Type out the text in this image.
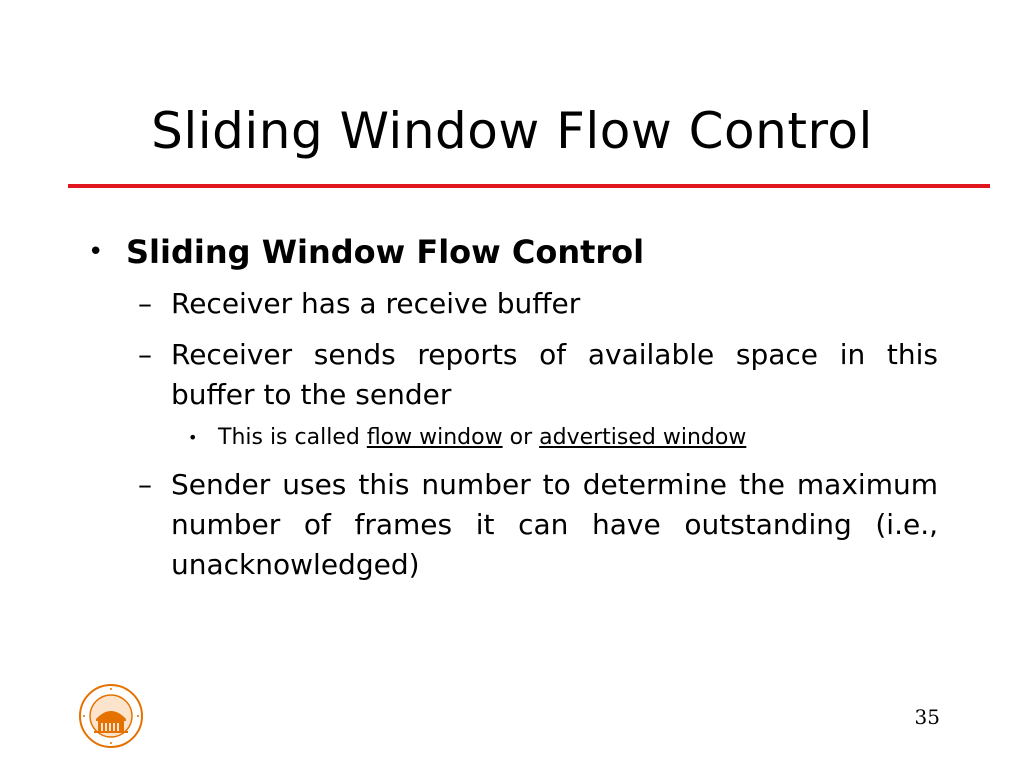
Sliding Window Flow Control
• Sliding Window Flow Control
– Receiver has a receive buffer
– Receiver sends reports of available space in this buffer to the sender
• This is called flow window or advertised window
– Sender uses this number to determine the maximum number of frames it can have outstanding (i.e., unacknowledged)
35
